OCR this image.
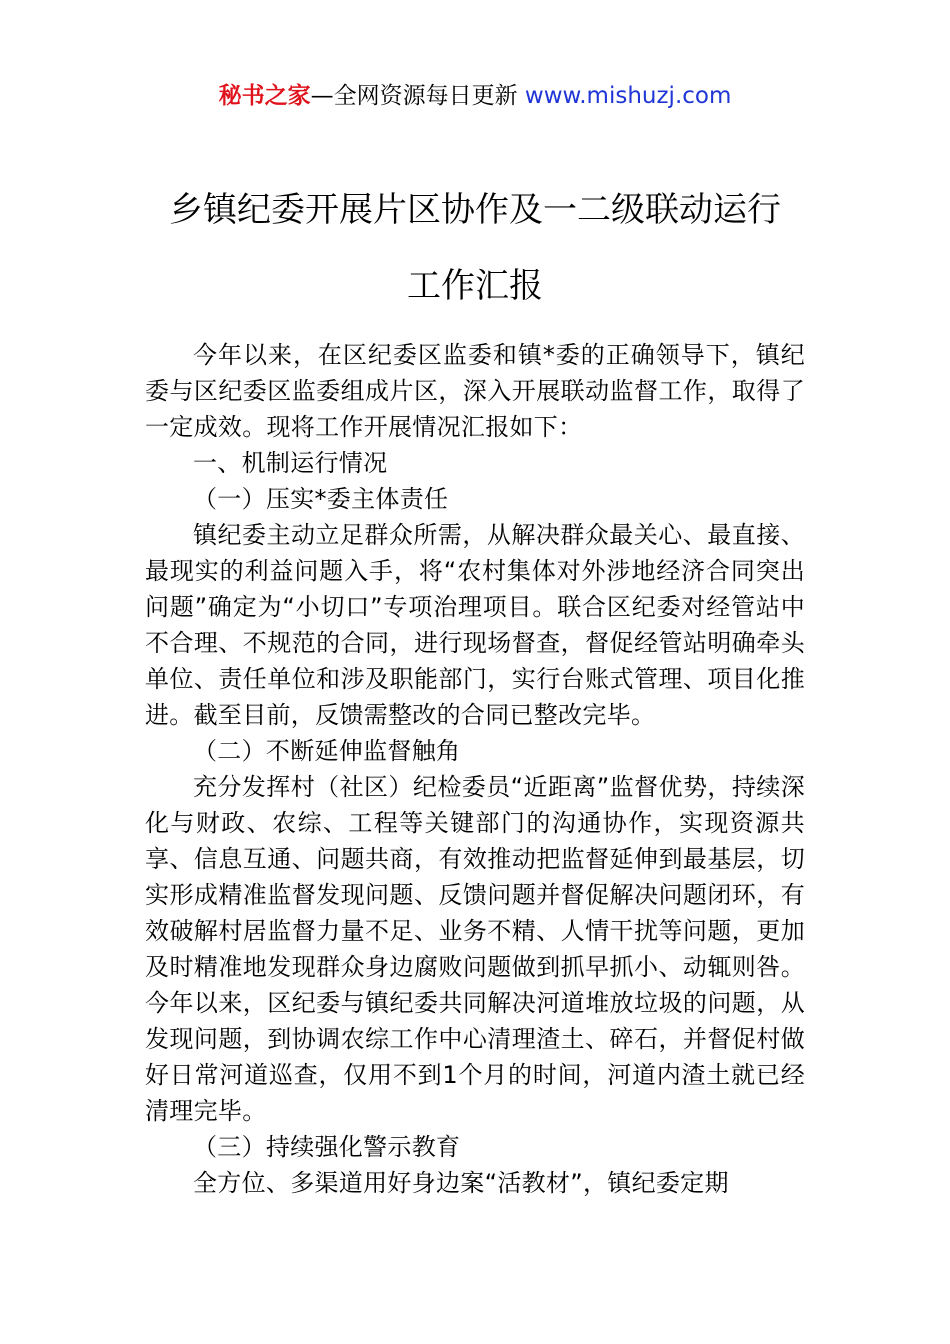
秘书之家—全网资源每日更新 www.mishuzj.com
乡镇纪委开展片区协作及一二级联动运行
工作汇报

今年以来，在区纪委区监委和镇*委的正确领导下，镇纪委与区纪委区监委组成片区，深入开展联动监督工作，取得了一定成效。现将工作开展情况汇报如下：

一、机制运行情况

（一）压实*委主体责任

镇纪委主动立足群众所需，从解决群众最关心、最直接、最现实的利益问题入手，将“农村集体对外涉地经济合同突出问题”确定为“小切口”专项治理项目。联合区纪委对经管站中不合理、不规范的合同，进行现场督查，督促经管站明确牵头单位、责任单位和涉及职能部门，实行台账式管理、项目化推进。截至目前，反馈需整改的合同已整改完毕。

（二）不断延伸监督触角

充分发挥村（社区）纪检委员“近距离”监督优势，持续深化与财政、农综、工程等关键部门的沟通协作，实现资源共享、信息互通、问题共商，有效推动把监督延伸到最基层，切实形成精准监督发现问题、反馈问题并督促解决问题闭环，有效破解村居监督力量不足、业务不精、人情干扰等问题，更加及时精准地发现群众身边腐败问题做到抓早抓小、动辄则咎。今年以来，区纪委与镇纪委共同解决河道堆放垃圾的问题，从发现问题，到协调农综工作中心清理渣土、碎石，并督促村做好日常河道巡查，仅用不到1个月的时间，河道内渣土就已经清理完毕。

（三）持续强化警示教育

全方位、多渠道用好身边案“活教材”，镇纪委定期
